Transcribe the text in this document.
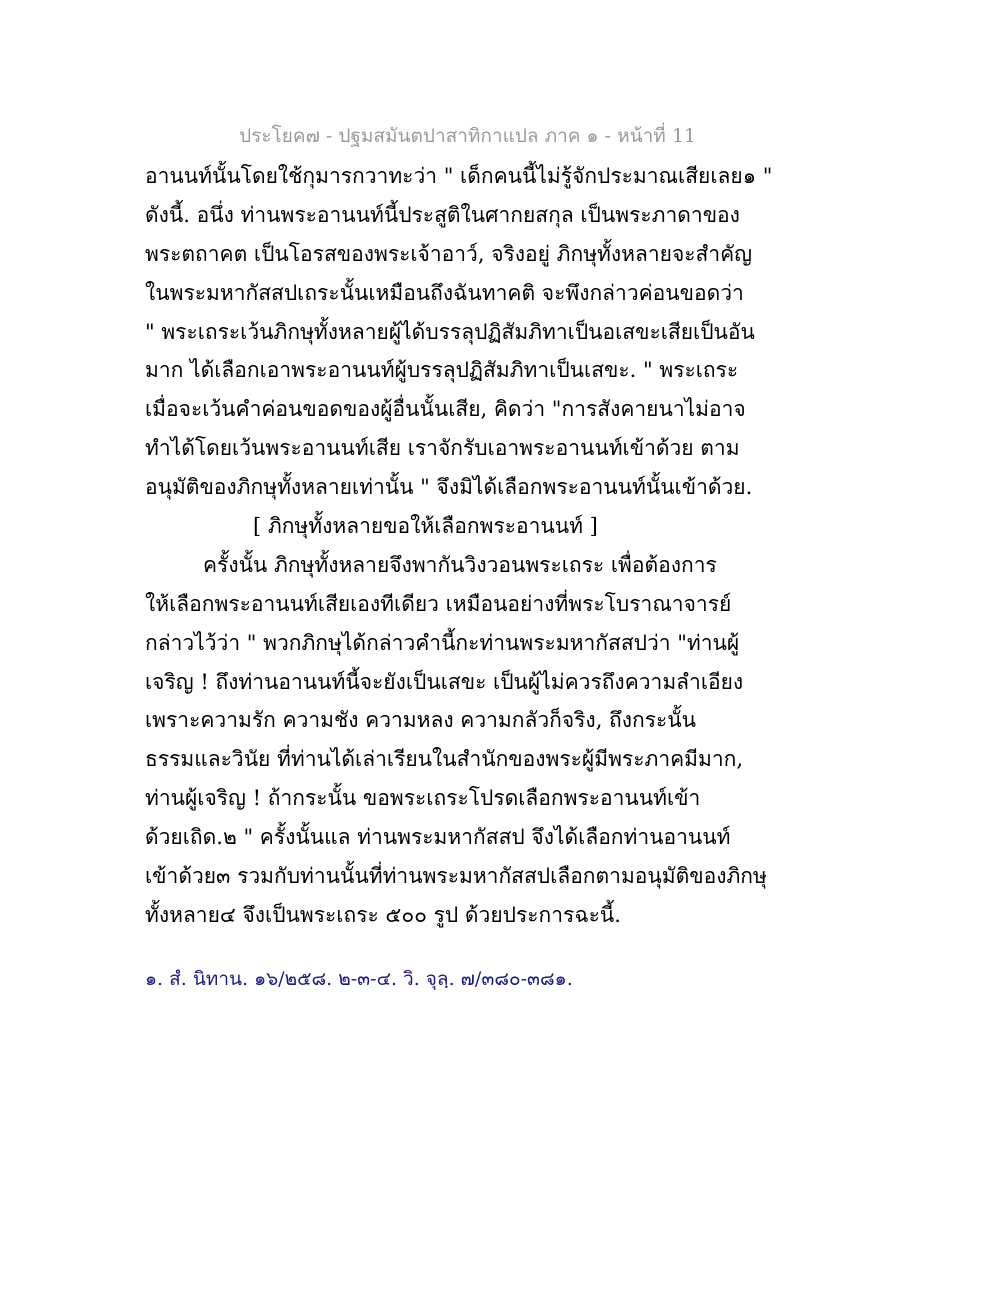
ประโยค๗ - ปฐมสมันตปาสาทิกาแปล ภาค ๑ - หน้าที่ 11
อานนท์นั้นโดยใช้กุมารกวาทะว่า " เด็กคนนี้ไม่รู้จักประมาณเสียเลย๑ "
ดังนี้. อนึ่ง ท่านพระอานนท์นี้ประสูติในศากยสกุล เป็นพระภาดาของ
พระตถาคต เป็นโอรสของพระเจ้าอาว์, จริงอยู่ ภิกษุทั้งหลายจะสำคัญ
ในพระมหากัสสปเถระนั้นเหมือนถึงฉันทาคติ จะพึงกล่าวค่อนขอดว่า
" พระเถระเว้นภิกษุทั้งหลายผู้ได้บรรลุปฏิสัมภิทาเป็นอเสขะเสียเป็นอัน
มาก ได้เลือกเอาพระอานนท์ผู้บรรลุปฏิสัมภิทาเป็นเสขะ. " พระเถระ
เมื่อจะเว้นคำค่อนขอดของผู้อื่นนั้นเสีย, คิดว่า "การสังคายนาไม่อาจ
ทำได้โดยเว้นพระอานนท์เสีย เราจักรับเอาพระอานนท์เข้าด้วย ตาม
อนุมัติของภิกษุทั้งหลายเท่านั้น " จึงมิได้เลือกพระอานนท์นั้นเข้าด้วย.
[ ภิกษุทั้งหลายขอให้เลือกพระอานนท์ ]
ครั้งนั้น ภิกษุทั้งหลายจึงพากันวิงวอนพระเถระ เพื่อต้องการ
ให้เลือกพระอานนท์เสียเองทีเดียว เหมือนอย่างที่พระโบราณาจารย์
กล่าวไว้ว่า " พวกภิกษุได้กล่าวคำนี้กะท่านพระมหากัสสปว่า "ท่านผู้
เจริญ ! ถึงท่านอานนท์นี้จะยังเป็นเสขะ เป็นผู้ไม่ควรถึงความลำเอียง
เพราะความรัก ความชัง ความหลง ความกลัวก็จริง, ถึงกระนั้น
ธรรมและวินัย ที่ท่านได้เล่าเรียนในสำนักของพระผู้มีพระภาคมีมาก,
ท่านผู้เจริญ ! ถ้ากระนั้น ขอพระเถระโปรดเลือกพระอานนท์เข้า
ด้วยเถิด.๒ " ครั้งนั้นแล ท่านพระมหากัสสป จึงได้เลือกท่านอานนท์
เข้าด้วย๓ รวมกับท่านนั้นที่ท่านพระมหากัสสปเลือกตามอนุมัติของภิกษุ
ทั้งหลาย๔ จึงเป็นพระเถระ ๕๐๐ รูป ด้วยประการฉะนี้.
๑. สํ. นิทาน. ๑๖/๒๕๘. ๒-๓-๔. วิ. จุลฺ. ๗/๓๘๐-๓๘๑.
